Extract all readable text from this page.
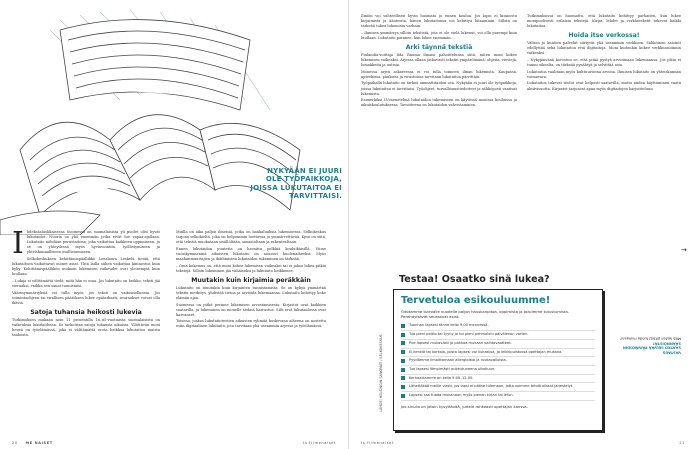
NYKYÄÄN EI JUURI OLE TYÖPAIKKOJA, JOISSA LUKUTAITOA EI TARVITTAISI.
I hdeksäsluokkaisessa Suomessa on suomalaisista yli puolet olisi hyvät lukutaidot. Nuoria on yhä enemmän jotka eivät lue vapaa-ajallaan. Lukutaito nähdään perustaitona, joka vaikuttaa kaikkeen oppimiseen, ja se on yhteydessä myös hyvinvointiin, työllistymiseen ja yhteiskunnalliseen osallistumiseen.

Selkokeskuksen kehittämispäällikkö Leealaura Leskelä tietää, että lukutaitoon vaikuttavat monet asiat. Yhtä lailla siihen vaikuttaa kiinnostus kuin kyky. Kehittämispäällikön mukaan lukemisen vaikeudet ovat yleisempiä kuin luullaan.

– Lukija ei välttämättä tiedä, mitä hän ei osaa. Jos lukutaito on heikko, teksti jää vieraaksi, vaikka sen sanat tunnistaisi.

Väärinymmärryksiä voi tulla myös, jos teksti on vaikeaselkoista. Jos toimintaohjeen tai virallisen päätöksen lukee epätarkasti, seuraukset voivat olla ikäviä.

Satoja tuhansia heikosti lukevia

Tutkimuksen mukaan noin 11 prosentilla 16–65-vuotiaista suomalaisista on vaikeuksia lukutaidossa. Se tarkoittaa satoja tuhansia aikuisia. Yllättävän moni heistä on työelämässä, joka ei välttämättä erota heikkoa lukutaitoa muista taidoista.

Muilla on aika paljon ilmeisiä, jotka on hankaluuksia lukemisessa. Selkokeskus tarjoaa selkokieltä, joka on helpommin luettavaa ja ymmärrettävää. Kyse on siitä, että tekstiä muokataan sisällöltään, sanastoltaan ja rakenteeltaan.

Ennen lukutaidon puutetta on havaittu pelkkiä kouluikäisillä. Viime vuosikymmeninä aikuisten lukutaito on noussut huolenaiheeksi. Myös maahanmuuttajien ja ikäihmisten lukutaidon tukeminen on tärkeää.

– Oma kokemus on, että moni kokee lukemisen vaikeaksi tai ei jaksa lukea pitkiä tekstejä. Silloin lukeminen jää vähäiseksi ja lukutaito heikkenee.

Muutakin kuin kirjaimia peräkkäin

Lukutaito on muutakin kuin kirjainten tunnistamista. Se on kykyä ymmärtää tekstin merkitys, yhdistää tietoa ja arvioida lukemaansa. Lukutaito kehittyy koko elämän ajan.

Suomessa on pitkä perinne lukemisen arvostamisesta. Kirjastot ovat kaikkien saatavilla, ja lukeminen on monelle tärkeä harrastus. Silti erot lukutaidossa ovat kasvaneet.

Toisena, joskus lukutaitotestien aikuisten ryhmää koskevana aiheena on nostettu esiin digitaalinen lukutaito, jota tarvitaan yhä useammin arjessa ja työelämässä.

20 ME NAISET	ts.fi/menaiset

Ilmiön voi suhteellisen hyvin huomata jo ennen koulua. Jos lapsi ei kiinnostu kirjaimista ja äänteistä, hänen lukutaitonsa voi kehittyä hitaammin. Silloin on tärkeää tukea lukemista varhain.

– Ihmisen ymmärrys silloin tekstistä, jota ei ole vielä lukenut, voi olla parempi kuin luullaan. Lukutaito paranee, kun lukee enemmän.

Arki täynnä tekstiä

Finlandia-voittaja Iida Rauma ilmaisi pahoittelunsa siitä, miten moni kokee lukemisen vaikeaksi. Arjessa ollaan jatkuvasti tekstin ympäröimänä: ohjeita, viestejä, lomakkeita ja uutisia.

Monessa arjen askareessa ei voi tulla toimeen ilman lukemista. Kaupassa, apteekissa, pankissa ja virastoissa tarvitaan lukutaitoa päivittäin.

Työpaikalla lukutaito on tärkeä ammattitaidon osa. Nykyään ei juuri ole työpaikkoja, joissa lukutaitoa ei tarvittaisi. Työohjeet, turvallisuustiedotteet ja sähköposti vaativat lukemista.

Esimerkiksi LV-menetelmä lukutaidon tukemiseen on käytössä monissa kouluissa ja aikuiskoulutuksessa. Tavoitteena on lukutaidon vahvistaminen.

Tutkimuksissa on huomattu, että lukutaito kehittyy parhaiten, kun lukee monipuolisesti erilaisia tekstejä. Kirjat, lehdet ja verkkotekstit tukevat kaikki lukutaitoa.

Hoida itse verkossa!

Valtion ja kuntien palvelut siirtyvät yhä useammin verkkoon. Sähköinen asiointi edellyttää sekä lukutaitoa että digitaitoja. Moni kuitenkin kokee verkkoasioinnin vaikeaksi.

– Nykypäivänä korostuu se, että pitää pystyä arvioimaan lukemaansa. Jos jokin ei tunnu oikealta, on tärkeää pysähtyä ja selvittää asia.

Lukutaitoa vaalitaan myös kulttuurisena arvona. Ihmisen lukutaito on yhteiskunnan voimavara.

Lukutaitoa tukevat tiedot ovat helposti saatavilla, mutta niiden käyttäminen vaatii aktiivisuutta. Kirjastot tarjoavat apua myös digitaitojen harjoitteluun.

→
Testaa! Osaatko sinä lukea?
LÄHDE: HELSINGIN SANOMAT / SELKOKESKUS
Tervetuloa esikouluumme!
Odotamme tulevalle vuodelle paljon hauskanpitoa, oppimista ja toisiimme tutustumista. Perehdyttävät seuraavat asiat.
Tuonhan lapsesi tänne kello 9.00 mennessä.
Tuo pieni peitto tai tyyny ja toi pieni pehmolelu päivälevon varten.
Pue lapsesi mukavasti ja pakkaa mukaan vaihtovaatteet.
Ei kenkiä tai korkoja, joista lapsesi voi liukastua, ja leikkipuistossa opettajan mukana.
Pyydämme ilmoittamaan allergioista ja ruokavalioista.
Tuo lapsesi lämpimästi pukeutuneena ulkoiluun.
Kerhoaikamme on kello 9.00–12.00.
Lähettäkää meille viesti, jos lapsi ei pääse tulemaan, jotta voimme tehdä oikeat järjestelyt.
Lapsesi saa tuoda mukanaan myös pienen kirjan tai lelun.
Jos sinulla on jotain kysyttävää, juttele rohkeasti opettajan kanssa.
VASTAUS
SAATKO SELVÄÄ PÄIVÄKODIN SÄÄNNÖISTÄ?
Mitä lasten pitäisi tuoda mukaan?
ts.fi/menaiset	21
